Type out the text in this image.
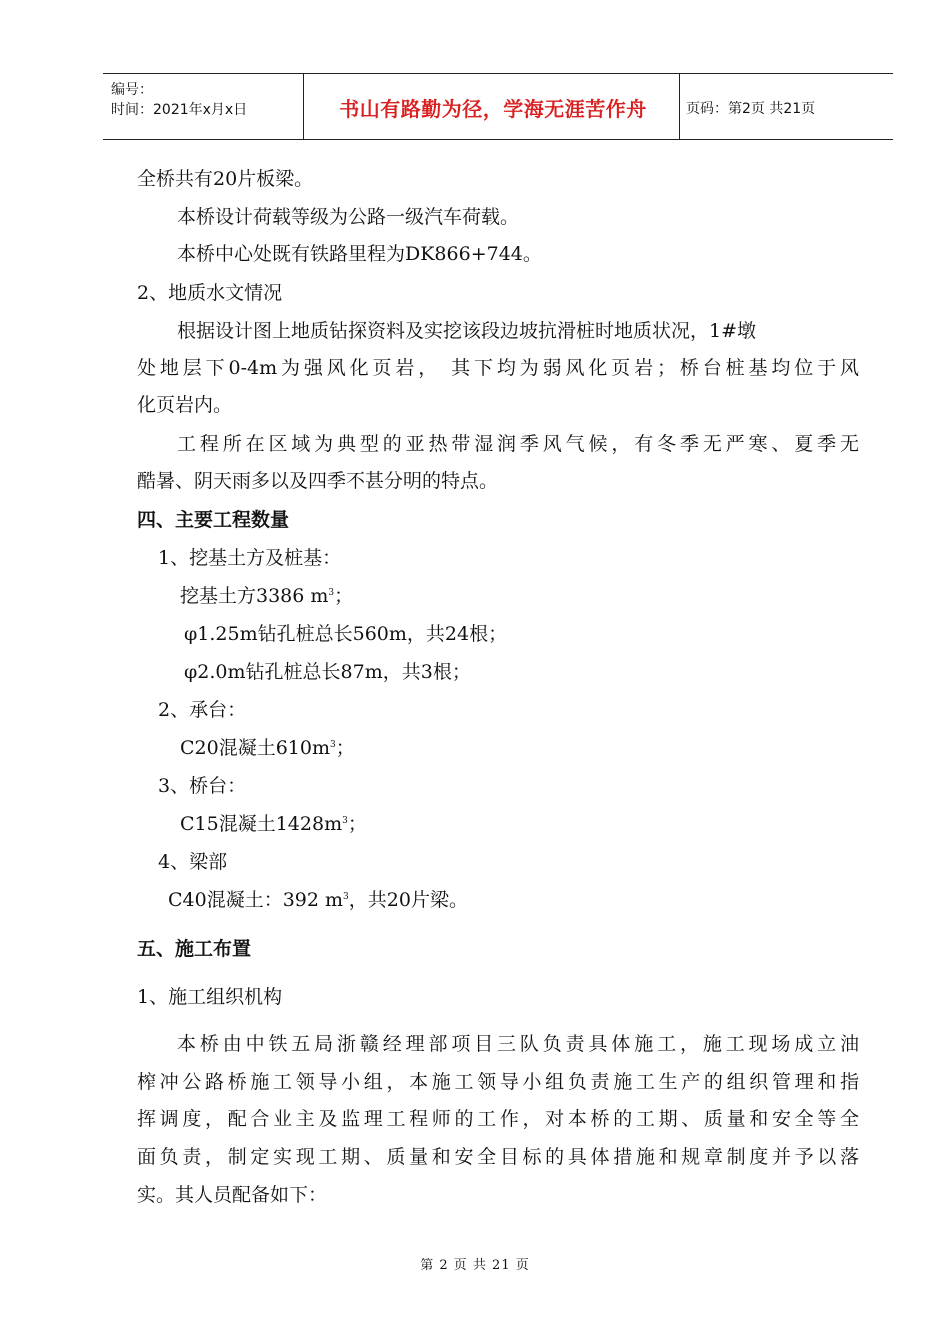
编号：
时间：2021年x月x日	书山有路勤为径，学海无涯苦作舟	页码：第2页 共21页
全桥共有20片板梁。
本桥设计荷载等级为公路一级汽车荷载。
本桥中心处既有铁路里程为DK866+744。
2、地质水文情况
根据设计图上地质钻探资料及实挖该段边坡抗滑桩时地质状况，1#墩
处地层下0-4m为强风化页岩， 其下均为弱风化页岩；桥台桩基均位于风
化页岩内。
工程所在区域为典型的亚热带湿润季风气候，有冬季无严寒、夏季无
酷暑、阴天雨多以及四季不甚分明的特点。
四、主要工程数量
1、挖基土方及桩基：
挖基土方3386 $m^3$；
φ1.25m钻孔桩总长560m，共24根；
φ2.0m钻孔桩总长87m，共3根；
2、承台：
C20混凝土$610m^3$；
3、桥台：
C15混凝土$1428m^3$；
4、梁部
C40混凝土：392 $m^3$，共20片梁。
五、施工布置
1、施工组织机构
本桥由中铁五局浙赣经理部项目三队负责具体施工，施工现场成立油
榨冲公路桥施工领导小组，本施工领导小组负责施工生产的组织管理和指
挥调度，配合业主及监理工程师的工作，对本桥的工期、质量和安全等全
面负责，制定实现工期、质量和安全目标的具体措施和规章制度并予以落
实。其人员配备如下：
第 2 页 共 21 页
